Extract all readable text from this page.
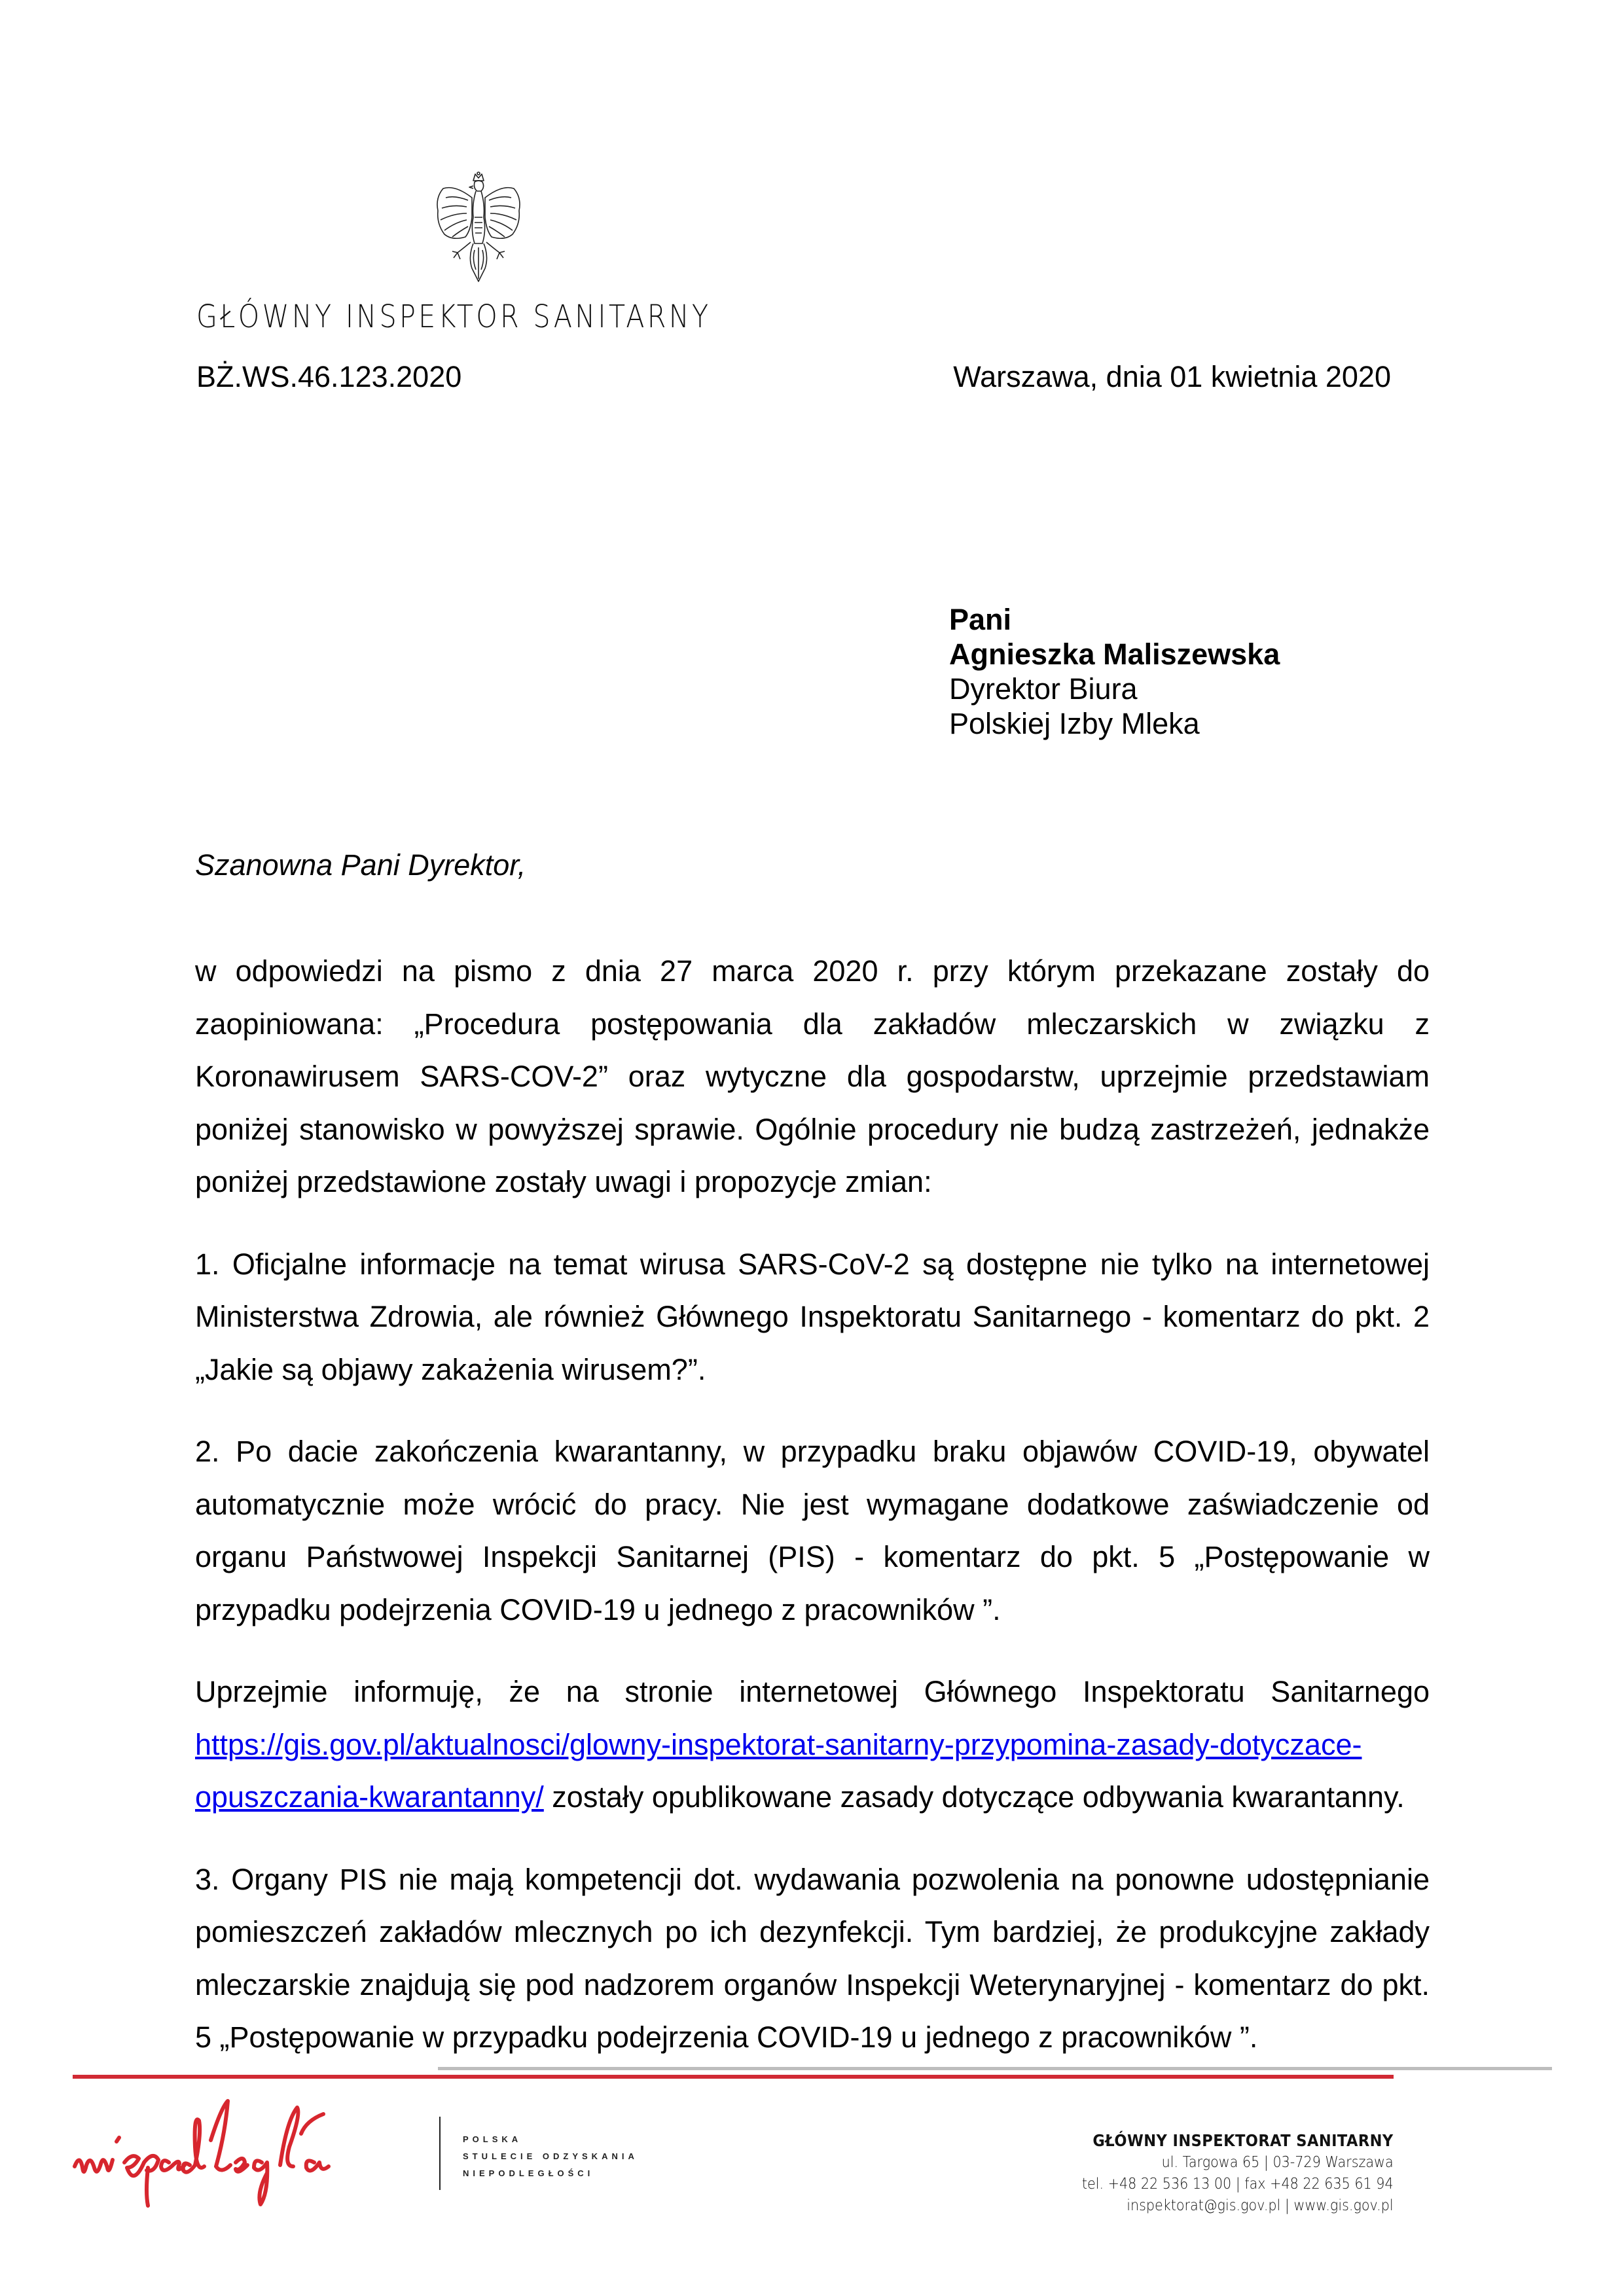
GŁÓWNY INSPEKTOR SANITARNY
BŻ.WS.46.123.2020	Warszawa, dnia 01 kwietnia 2020
Pani
Agnieszka Maliszewska
Dyrektor Biura
Polskiej Izby Mleka
Szanowna Pani Dyrektor,

w odpowiedzi na pismo z dnia 27 marca 2020 r. przy którym przekazane zostały do zaopiniowana: „Procedura postępowania dla zakładów mleczarskich w związku z Koronawirusem SARS-COV-2” oraz wytyczne dla gospodarstw, uprzejmie przedstawiam poniżej stanowisko w powyższej sprawie. Ogólnie procedury nie budzą zastrzeżeń, jednakże poniżej przedstawione zostały uwagi i propozycje zmian:

1. Oficjalne informacje na temat wirusa SARS-CoV-2 są dostępne nie tylko na internetowej Ministerstwa Zdrowia, ale również Głównego Inspektoratu Sanitarnego - komentarz do pkt. 2 „Jakie są objawy zakażenia wirusem?”.

2. Po dacie zakończenia kwarantanny, w przypadku braku objawów COVID-19, obywatel automatycznie może wrócić do pracy. Nie jest wymagane dodatkowe zaświadczenie od organu Państwowej Inspekcji Sanitarnej (PIS) - komentarz do pkt. 5 „Postępowanie w przypadku podejrzenia COVID-19 u jednego z pracowników ”.

Uprzejmie informuję, że na stronie internetowej Głównego Inspektoratu Sanitarnego https://gis.gov.pl/aktualnosci/glowny-inspektorat-sanitarny-przypomina-zasady-dotyczace-opuszczania-kwarantanny/ zostały opublikowane zasady dotyczące odbywania kwarantanny.

3. Organy PIS nie mają kompetencji dot. wydawania pozwolenia na ponowne udostępnianie pomieszczeń zakładów mlecznych po ich dezynfekcji. Tym bardziej, że produkcyjne zakłady mleczarskie znajdują się pod nadzorem organów Inspekcji Weterynaryjnej - komentarz do pkt. 5 „Postępowanie w przypadku podejrzenia COVID-19 u jednego z pracowników ”.

POLSKA
STULECIE ODZYSKANIA
NIEPODLEGŁOŚCI
GŁÓWNY INSPEKTORAT SANITARNY
ul. Targowa 65 | 03-729 Warszawa
tel. +48 22 536 13 00 | fax +48 22 635 61 94
inspektorat@gis.gov.pl | www.gis.gov.pl
